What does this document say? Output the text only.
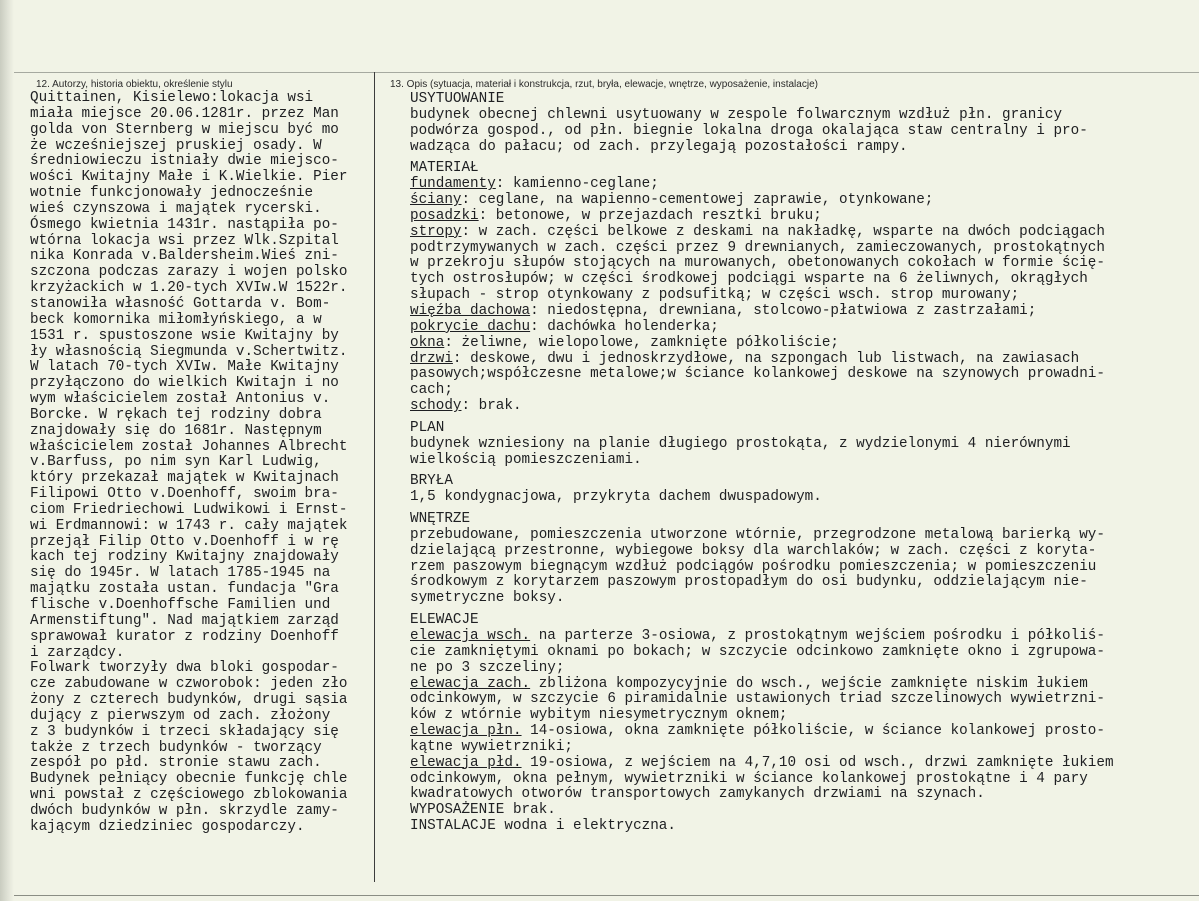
12. Autorzy, historia obiektu, określenie stylu	13. Opis (sytuacja, materiał i konstrukcja, rzut, bryła, elewacje, wnętrze, wyposażenie, instalacje)

Quittainen, Kisielewo:lokacja wsi
miała miejsce 20.06.1281r. przez Man
golda von Sternberg w miejscu być mo
że wcześniejszej pruskiej osady. W
średniowieczu istniały dwie miejsco-
wości Kwitajny Małe i K.Wielkie. Pier
wotnie funkcjonowały jednocześnie
wieś czynszowa i majątek rycerski.
Ósmego kwietnia 1431r. nastąpiła po-
wtórna lokacja wsi przez Wlk.Szpital
nika Konrada v.Baldersheim.Wieś zni-
szczona podczas zarazy i wojen polsko
krzyżackich w 1.20-tych XVIw.W 1522r.
stanowiła własność Gottarda v. Bom-
beck komornika miłomłyńskiego, a w
1531 r. spustoszone wsie Kwitajny by
ły własnością Siegmunda v.Schertwitz.
W latach 70-tych XVIw. Małe Kwitajny
przyłączono do wielkich Kwitajn i no
wym właścicielem został Antonius v.
Borcke. W rękach tej rodziny dobra
znajdowały się do 1681r. Następnym
właścicielem został Johannes Albrecht
v.Barfuss, po nim syn Karl Ludwig,
który przekazał majątek w Kwitajnach
Filipowi Otto v.Doenhoff, swoim bra-
ciom Friedriechowi Ludwikowi i Ernst-
wi Erdmannowi: w 1743 r. cały majątek
przejął Filip Otto v.Doenhoff i w rę
kach tej rodziny Kwitajny znajdowały
się do 1945r. W latach 1785-1945 na
majątku została ustan. fundacja "Gra
flische v.Doenhoffsche Familien und
Armenstiftung". Nad majątkiem zarząd
sprawował kurator z rodziny Doenhoff
i zarządcy.
Folwark tworzyły dwa bloki gospodar-
cze zabudowane w czworobok: jeden zło
żony z czterech budynków, drugi sąsia
dujący z pierwszym od zach. złożony
z 3 budynków i trzeci składający się
także z trzech budynków - tworzący
zespół po płd. stronie stawu zach.
Budynek pełniący obecnie funkcję chle
wni powstał z częściowego zblokowania
dwóch budynków w płn. skrzydle zamy-
kającym dziedziniec gospodarczy.
USYTUOWANIE
budynek obecnej chlewni usytuowany w zespole folwarcznym wzdłuż płn. granicy
podwórza gospod., od płn. biegnie lokalna droga okalająca staw centralny i pro-
wadząca do pałacu; od zach. przylegają pozostałości rampy.
MATERIAŁ
fundamenty: kamienno-ceglane;
ściany: ceglane, na wapienno-cementowej zaprawie, otynkowane;
posadzki: betonowe, w przejazdach resztki bruku;
stropy: w zach. części belkowe z deskami na nakładkę, wsparte na dwóch podciągach
podtrzymywanych w zach. części przez 9 drewnianych, zamieczowanych, prostokątnych
w przekroju słupów stojących na murowanych, obetonowanych cokołach w formie ścię-
tych ostrosłupów; w części środkowej podciągi wsparte na 6 żeliwnych, okrągłych
słupach - strop otynkowany z podsufitką; w części wsch. strop murowany;
więźba dachowa: niedostępna, drewniana, stolcowo-płatwiowa z zastrzałami;
pokrycie dachu: dachówka holenderka;
okna: żeliwne, wielopolowe, zamknięte półkoliście;
drzwi: deskowe, dwu i jednoskrzydłowe, na szpongach lub listwach, na zawiasach
pasowych;współczesne metalowe;w ściance kolankowej deskowe na szynowych prowadni-
cach;
schody: brak.
PLAN
budynek wzniesiony na planie długiego prostokąta, z wydzielonymi 4 nierównymi
wielkością pomieszczeniami.
BRYŁA
1,5 kondygnacjowa, przykryta dachem dwuspadowym.
WNĘTRZE
przebudowane, pomieszczenia utworzone wtórnie, przegrodzone metalową barierką wy-
dzielającą przestronne, wybiegowe boksy dla warchlaków; w zach. części z koryta-
rzem paszowym biegnącym wzdłuż podciągów pośrodku pomieszczenia; w pomieszczeniu
środkowym z korytarzem paszowym prostopadłym do osi budynku, oddzielającym nie-
symetryczne boksy.
ELEWACJE
elewacja wsch. na parterze 3-osiowa, z prostokątnym wejściem pośrodku i półkoliś-
cie zamkniętymi oknami po bokach; w szczycie odcinkowo zamknięte okno i zgrupowa-
ne po 3 szczeliny;
elewacja zach. zbliżona kompozycyjnie do wsch., wejście zamknięte niskim łukiem
odcinkowym, w szczycie 6 piramidalnie ustawionych triad szczelinowych wywietrzni-
ków z wtórnie wybitym niesymetrycznym oknem;
elewacja płn. 14-osiowa, okna zamknięte półkoliście, w ściance kolankowej prosto-
kątne wywietrzniki;
elewacja płd. 19-osiowa, z wejściem na 4,7,10 osi od wsch., drzwi zamknięte łukiem
odcinkowym, okna pełnym, wywietrzniki w ściance kolankowej prostokątne i 4 pary
kwadratowych otworów transportowych zamykanych drzwiami na szynach.
WYPOSAŻENIE brak.
INSTALACJE wodna i elektryczna.
